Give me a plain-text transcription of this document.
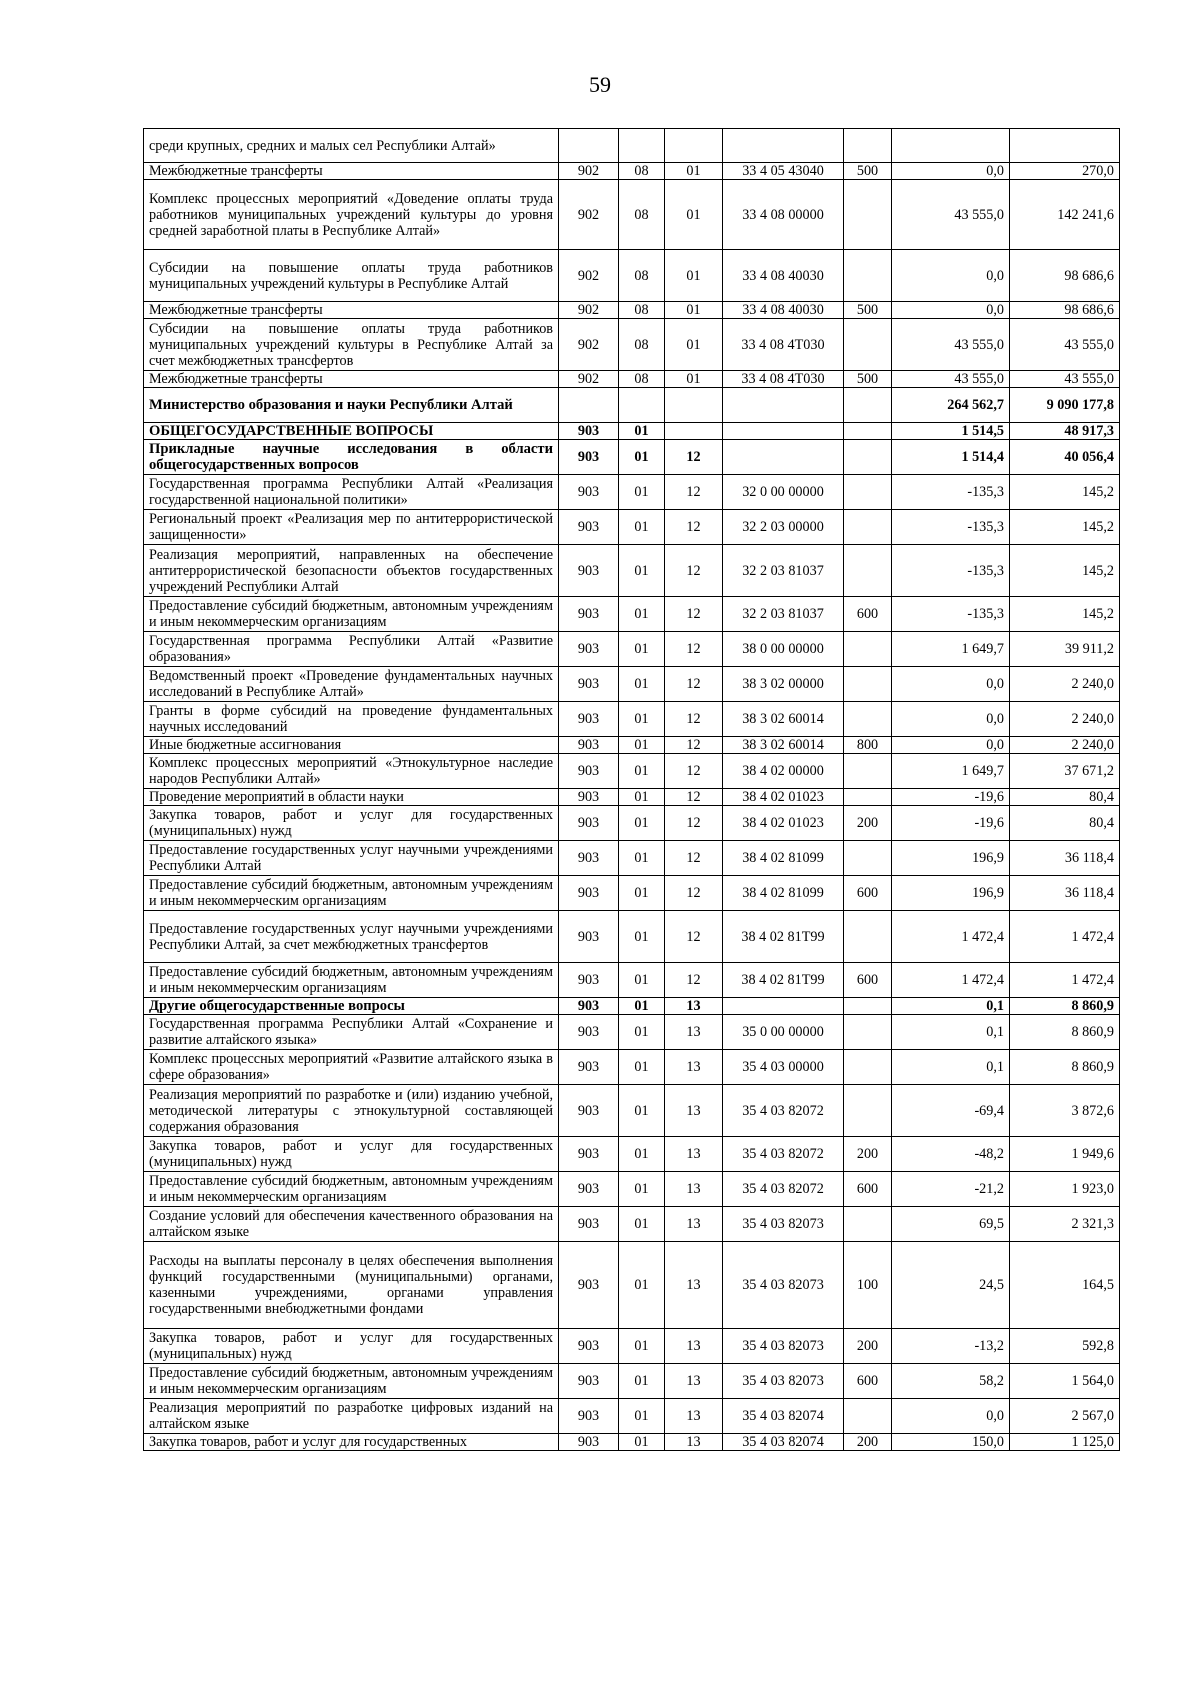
59
среди крупных, средних и малых сел Республики Алтай»							
Межбюджетные трансферты	902	08	01	33 4 05 43040	500	0,0	270,0
Комплекс процессных мероприятий «Доведение оплаты труда работников муниципальных учреждений культуры до уровня средней заработной платы в Республике Алтай»	902	08	01	33 4 08 00000		43 555,0	142 241,6
Субсидии на повышение оплаты труда работников муниципальных учреждений культуры в Республике Алтай	902	08	01	33 4 08 40030		0,0	98 686,6
Межбюджетные трансферты	902	08	01	33 4 08 40030	500	0,0	98 686,6
Субсидии на повышение оплаты труда работников муниципальных учреждений культуры в Республике Алтай за счет межбюджетных трансфертов	902	08	01	33 4 08 4Т030		43 555,0	43 555,0
Межбюджетные трансферты	902	08	01	33 4 08 4Т030	500	43 555,0	43 555,0
Министерство образования и науки Республики Алтай						264 562,7	9 090 177,8
ОБЩЕГОСУДАРСТВЕННЫЕ ВОПРОСЫ	903	01				1 514,5	48 917,3
Прикладные научные исследования в области общегосударственных вопросов	903	01	12			1 514,4	40 056,4
Государственная программа Республики Алтай «Реализация государственной национальной политики»	903	01	12	32 0 00 00000		-135,3	145,2
Региональный проект «Реализация мер по антитеррористической защищенности»	903	01	12	32 2 03 00000		-135,3	145,2
Реализация мероприятий, направленных на обеспечение антитеррористической безопасности объектов государственных учреждений Республики Алтай	903	01	12	32 2 03 81037		-135,3	145,2
Предоставление субсидий бюджетным, автономным учреждениям и иным некоммерческим организациям	903	01	12	32 2 03 81037	600	-135,3	145,2
Государственная программа Республики Алтай «Развитие образования»	903	01	12	38 0 00 00000		1 649,7	39 911,2
Ведомственный проект «Проведение фундаментальных научных исследований в Республике Алтай»	903	01	12	38 3 02 00000		0,0	2 240,0
Гранты в форме субсидий на проведение фундаментальных научных исследований	903	01	12	38 3 02 60014		0,0	2 240,0
Иные бюджетные ассигнования	903	01	12	38 3 02 60014	800	0,0	2 240,0
Комплекс процессных мероприятий «Этнокультурное наследие народов Республики Алтай»	903	01	12	38 4 02 00000		1 649,7	37 671,2
Проведение мероприятий в области науки	903	01	12	38 4 02 01023		-19,6	80,4
Закупка товаров, работ и услуг для государственных (муниципальных) нужд	903	01	12	38 4 02 01023	200	-19,6	80,4
Предоставление государственных услуг научными учреждениями Республики Алтай	903	01	12	38 4 02 81099		196,9	36 118,4
Предоставление субсидий бюджетным, автономным учреждениям и иным некоммерческим организациям	903	01	12	38 4 02 81099	600	196,9	36 118,4
Предоставление государственных услуг научными учреждениями Республики Алтай, за счет межбюджетных трансфертов	903	01	12	38 4 02 81Т99		1 472,4	1 472,4
Предоставление субсидий бюджетным, автономным учреждениям и иным некоммерческим организациям	903	01	12	38 4 02 81Т99	600	1 472,4	1 472,4
Другие общегосударственные вопросы	903	01	13			0,1	8 860,9
Государственная программа Республики Алтай «Сохранение и развитие алтайского языка»	903	01	13	35 0 00 00000		0,1	8 860,9
Комплекс процессных мероприятий «Развитие алтайского языка в сфере образования»	903	01	13	35 4 03 00000		0,1	8 860,9
Реализация мероприятий по разработке и (или) изданию учебной, методической литературы с этнокультурной составляющей содержания образования	903	01	13	35 4 03 82072		-69,4	3 872,6
Закупка товаров, работ и услуг для государственных (муниципальных) нужд	903	01	13	35 4 03 82072	200	-48,2	1 949,6
Предоставление субсидий бюджетным, автономным учреждениям и иным некоммерческим организациям	903	01	13	35 4 03 82072	600	-21,2	1 923,0
Создание условий для обеспечения качественного образования на алтайском языке	903	01	13	35 4 03 82073		69,5	2 321,3
Расходы на выплаты персоналу в целях обеспечения выполнения функций государственными (муниципальными) органами, казенными учреждениями, органами управления государственными внебюджетными фондами	903	01	13	35 4 03 82073	100	24,5	164,5
Закупка товаров, работ и услуг для государственных (муниципальных) нужд	903	01	13	35 4 03 82073	200	-13,2	592,8
Предоставление субсидий бюджетным, автономным учреждениям и иным некоммерческим организациям	903	01	13	35 4 03 82073	600	58,2	1 564,0
Реализация мероприятий по разработке цифровых изданий на алтайском языке	903	01	13	35 4 03 82074		0,0	2 567,0
Закупка товаров, работ и услуг для государственных	903	01	13	35 4 03 82074	200	150,0	1 125,0
